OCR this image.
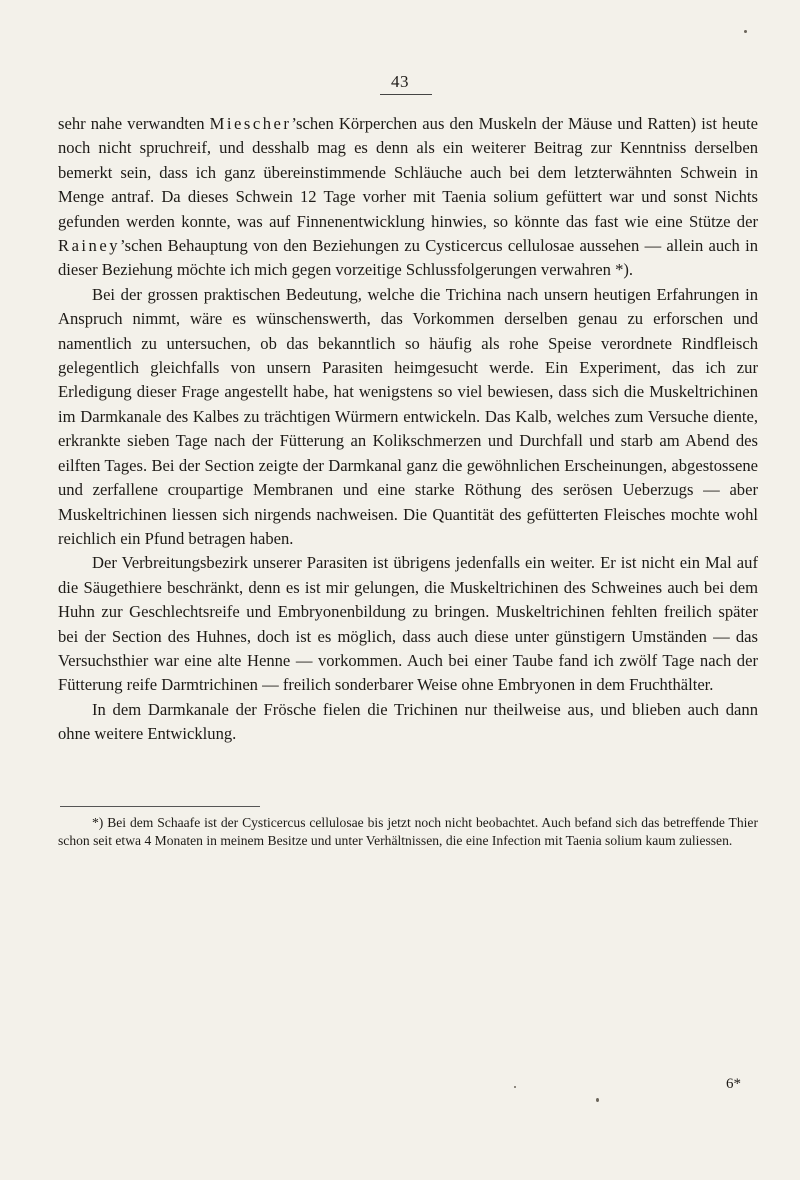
43

sehr nahe verwandten Miescher’schen Körperchen aus den Muskeln der Mäuse und Ratten) ist heute noch nicht spruchreif, und desshalb mag es denn als ein weiterer Beitrag zur Kenntniss derselben bemerkt sein, dass ich ganz übereinstimmende Schläuche auch bei dem letzterwähnten Schwein in Menge antraf. Da dieses Schwein 12 Tage vorher mit Taenia solium gefüttert war und sonst Nichts gefunden werden konnte, was auf Finnenentwicklung hinwies, so könnte das fast wie eine Stütze der Rainey’schen Behauptung von den Beziehungen zu Cysticercus cellulosae aussehen — allein auch in dieser Beziehung möchte ich mich gegen vorzeitige Schlussfolgerungen verwahren *).

Bei der grossen praktischen Bedeutung, welche die Trichina nach unsern heutigen Erfahrungen in Anspruch nimmt, wäre es wünschenswerth, das Vorkommen derselben genau zu erforschen und namentlich zu untersuchen, ob das bekanntlich so häufig als rohe Speise verordnete Rindfleisch gelegentlich gleichfalls von unsern Parasiten heimgesucht werde. Ein Experiment, das ich zur Erledigung dieser Frage angestellt habe, hat wenigstens so viel bewiesen, dass sich die Muskeltrichinen im Darmkanale des Kalbes zu trächtigen Würmern entwickeln. Das Kalb, welches zum Versuche diente, erkrankte sieben Tage nach der Fütterung an Kolikschmerzen und Durchfall und starb am Abend des eilften Tages. Bei der Section zeigte der Darmkanal ganz die gewöhnlichen Erscheinungen, abgestossene und zerfallene croupartige Membranen und eine starke Röthung des serösen Ueberzugs — aber Muskeltrichinen liessen sich nirgends nachweisen. Die Quantität des gefütterten Fleisches mochte wohl reichlich ein Pfund betragen haben.

Der Verbreitungsbezirk unserer Parasiten ist übrigens jedenfalls ein weiter. Er ist nicht ein Mal auf die Säugethiere beschränkt, denn es ist mir gelungen, die Muskeltrichinen des Schweines auch bei dem Huhn zur Geschlechtsreife und Embryonenbildung zu bringen. Muskeltrichinen fehlten freilich später bei der Section des Huhnes, doch ist es möglich, dass auch diese unter günstigern Umständen — das Versuchsthier war eine alte Henne — vorkommen. Auch bei einer Taube fand ich zwölf Tage nach der Fütterung reife Darmtrichinen — freilich sonderbarer Weise ohne Embryonen in dem Fruchthälter.

In dem Darmkanale der Frösche fielen die Trichinen nur theilweise aus, und blieben auch dann ohne weitere Entwicklung.

*) Bei dem Schaafe ist der Cysticercus cellulosae bis jetzt noch nicht beobachtet. Auch befand sich das betreffende Thier schon seit etwa 4 Monaten in meinem Besitze und unter Verhältnissen, die eine Infection mit Taenia solium kaum zuliessen.
6*
